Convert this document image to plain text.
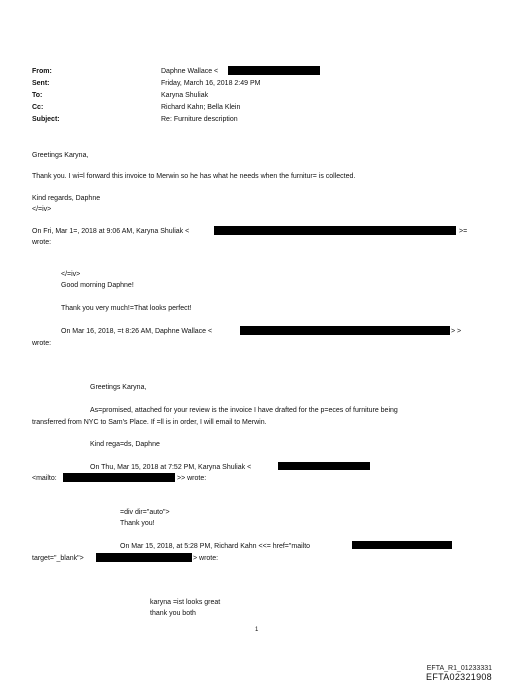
From:	Daphne Wallace <
Sent:	Friday, March 16, 2018 2:49 PM
To:	Karyna Shuliak
Cc:	Richard Kahn; Bella Klein
Subject:	Re: Furniture description
Greetings Karyna,
Thank you. I wi=l forward this invoice to Merwin so he has what he needs when the furnitur= is collected.
Kind regards, Daphne
</=iv>
On Fri, Mar 1=, 2018 at 9:06 AM, Karyna Shuliak <	>=
wrote:
</=iv>
Good morning Daphne!
Thank you very much!=That looks perfect!
On Mar 16, 2018, =t 8:26 AM, Daphne Wallace <	> >
wrote:
Greetings Karyna,
As=promised, attached for your review is the invoice I have drafted for the p=eces of furniture being
transferred from NYC to Sam's Place. If =ll is in order, I will email to Merwin.
Kind rega=ds, Daphne
On Thu, Mar 15, 2018 at 7:52 PM, Karyna Shuliak <
<mailto:	>> wrote:
=div dir="auto">
Thank you!
On Mar 15, 2018, at 5:28 PM, Richard Kahn <<= href="mailto
target="_blank">	> wrote:
karyna =ist looks great
thank you both
1
EFTA_R1_01233331
EFTA02321908
